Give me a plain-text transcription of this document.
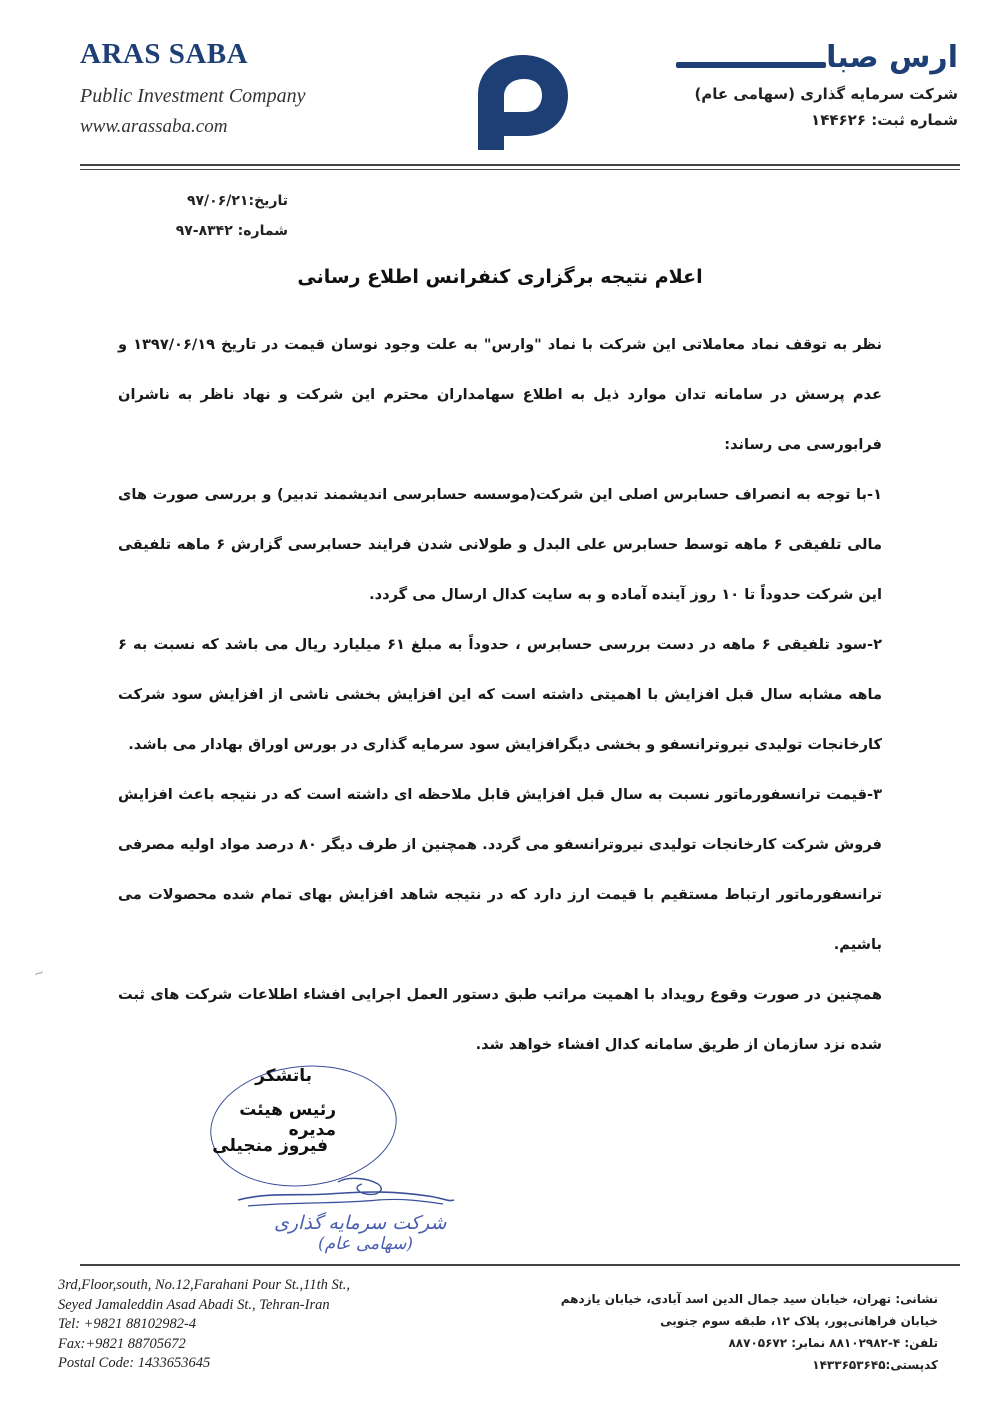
ARAS SABA
Public Investment Company
www.arassaba.com
ارس صبا
شرکت سرمایه گذاری (سهامی عام)
شماره ثبت: ۱۴۴۶۲۶
تاریخ:۹۷/۰۶/۲۱
شماره: ۸۳۴۲-۹۷
اعلام نتیجه برگزاری کنفرانس اطلاع رسانی

نظر به توقف نماد معاملاتی این شرکت با نماد "وارس" به علت وجود نوسان قیمت در تاریخ ۱۳۹۷/۰۶/۱۹ و عدم پرسش در سامانه تدان موارد ذیل به اطلاع سهامداران محترم این شرکت و نهاد ناظر به ناشران فرابورسی می رساند:

۱-با توجه به انصراف حسابرس اصلی این شرکت(موسسه حسابرسی اندیشمند تدبیر) و بررسی صورت های مالی تلفیقی ۶ ماهه توسط حسابرس علی البدل و طولانی شدن فرایند حسابرسی گزارش ۶ ماهه تلفیقی این شرکت حدوداً تا ۱۰ روز آینده آماده و به سایت کدال ارسال می گردد.

۲-سود تلفیقی ۶ ماهه در دست بررسی حسابرس ، حدوداً به مبلغ ۶۱ میلیارد ریال می باشد که نسبت به ۶ ماهه مشابه سال قبل افزایش با اهمیتی داشته است که این افزایش بخشی ناشی از افزایش سود شرکت کارخانجات تولیدی نیروترانسفو و بخشی دیگرافزایش سود سرمایه گذاری در بورس اوراق بهادار می باشد.

۳-قیمت ترانسفورماتور نسبت به سال قبل افزایش قابل ملاحظه ای داشته است که در نتیجه باعث افزایش فروش شرکت کارخانجات تولیدی نیروترانسفو می گردد. همچنین از طرف دیگر ۸۰ درصد مواد اولیه مصرفی ترانسفورماتور ارتباط مستقیم با قیمت ارز دارد که در نتیجه شاهد افزایش بهای تمام شده محصولات می باشیم.

همچنین در صورت وقوع رویداد با اهمیت مراتب طبق دستور العمل اجرایی افشاء اطلاعات شرکت های ثبت شده نزد سازمان از طریق سامانه کدال افشاء خواهد شد.

~
باتشکر
رئیس هیئت مدیره
فیروز منجیلی
شرکت سرمایه گذاری
(سهامی عام)
3rd,Floor,south, No.12,Farahani Pour St.,11th St.,
Seyed Jamaleddin Asad Abadi St., Tehran-Iran
Tel: +9821 88102982-4
Fax:+9821 88705672
Postal Code: 1433653645
نشانی: تهران، خیابان سید جمال الدین اسد آبادی، خیابان یازدهم
خیابان فراهانی‌پور، پلاک ۱۲، طبقه سوم جنوبی
تلفن: ۴-۸۸۱۰۲۹۸۲ نمابر: ۸۸۷۰۵۶۷۲
کدپستی:۱۴۳۳۶۵۳۶۴۵
